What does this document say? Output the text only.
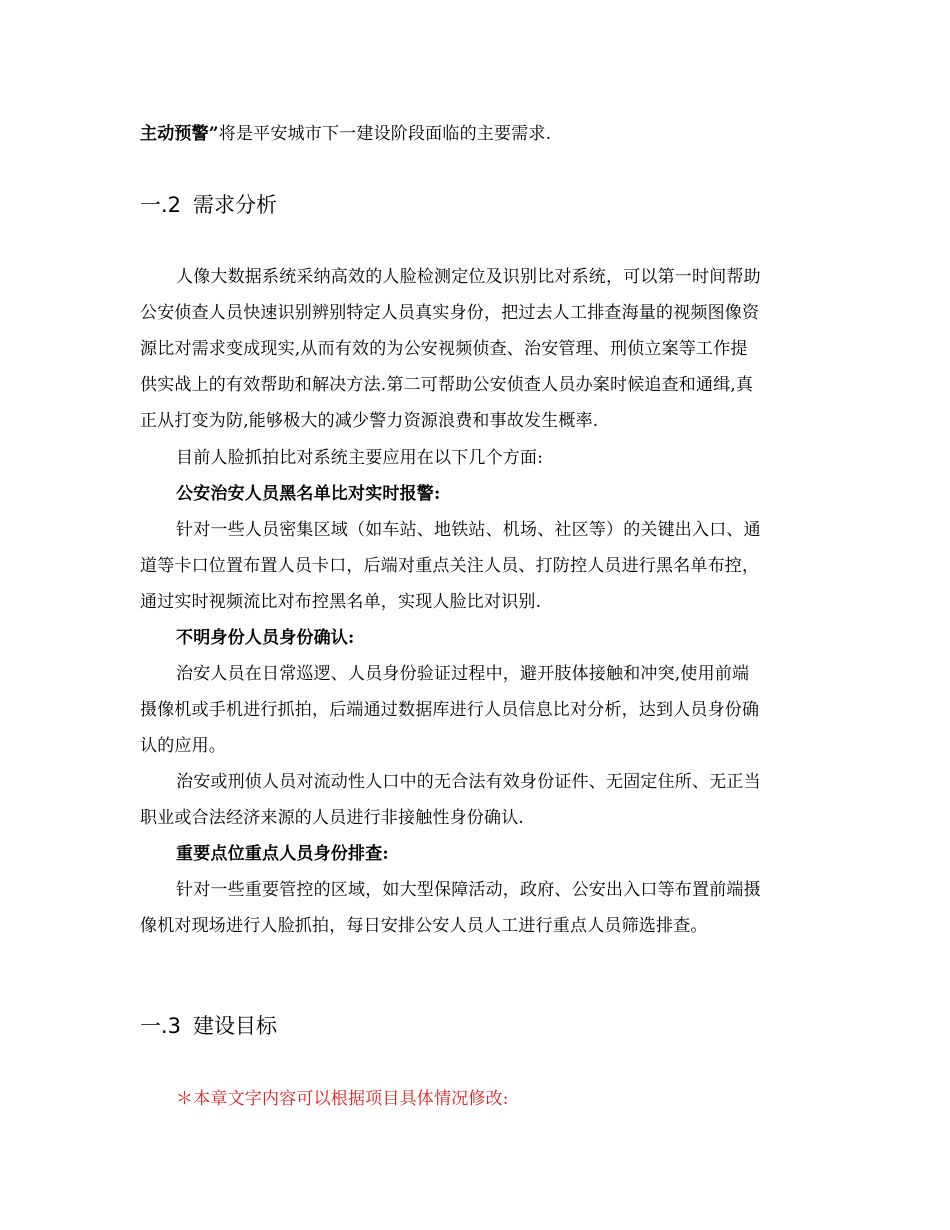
主动预警”将是平安城市下一建设阶段面临的主要需求.
一.2 需求分析
人像大数据系统采纳高效的人脸检测定位及识别比对系统，可以第一时间帮助
公安侦查人员快速识别辨别特定人员真实身份，把过去人工排查海量的视频图像资
源比对需求变成现实,从而有效的为公安视频侦查、治安管理、刑侦立案等工作提
供实战上的有效帮助和解决方法.第二可帮助公安侦查人员办案时候追查和通缉,真
正从打变为防,能够极大的减少警力资源浪费和事故发生概率.
目前人脸抓拍比对系统主要应用在以下几个方面:
公安治安人员黑名单比对实时报警:
针对一些人员密集区域（如车站、地铁站、机场、社区等）的关键出入口、通
道等卡口位置布置人员卡口，后端对重点关注人员、打防控人员进行黑名单布控，
通过实时视频流比对布控黑名单，实现人脸比对识别.
不明身份人员身份确认:
治安人员在日常巡逻、人员身份验证过程中，避开肢体接触和冲突,使用前端
摄像机或手机进行抓拍，后端通过数据库进行人员信息比对分析，达到人员身份确
认的应用。
治安或刑侦人员对流动性人口中的无合法有效身份证件、无固定住所、无正当
职业或合法经济来源的人员进行非接触性身份确认.
重要点位重点人员身份排查:
针对一些重要管控的区域，如大型保障活动，政府、公安出入口等布置前端摄
像机对现场进行人脸抓拍，每日安排公安人员人工进行重点人员筛选排查。
一.3 建设目标
＊本章文字内容可以根据项目具体情况修改:
